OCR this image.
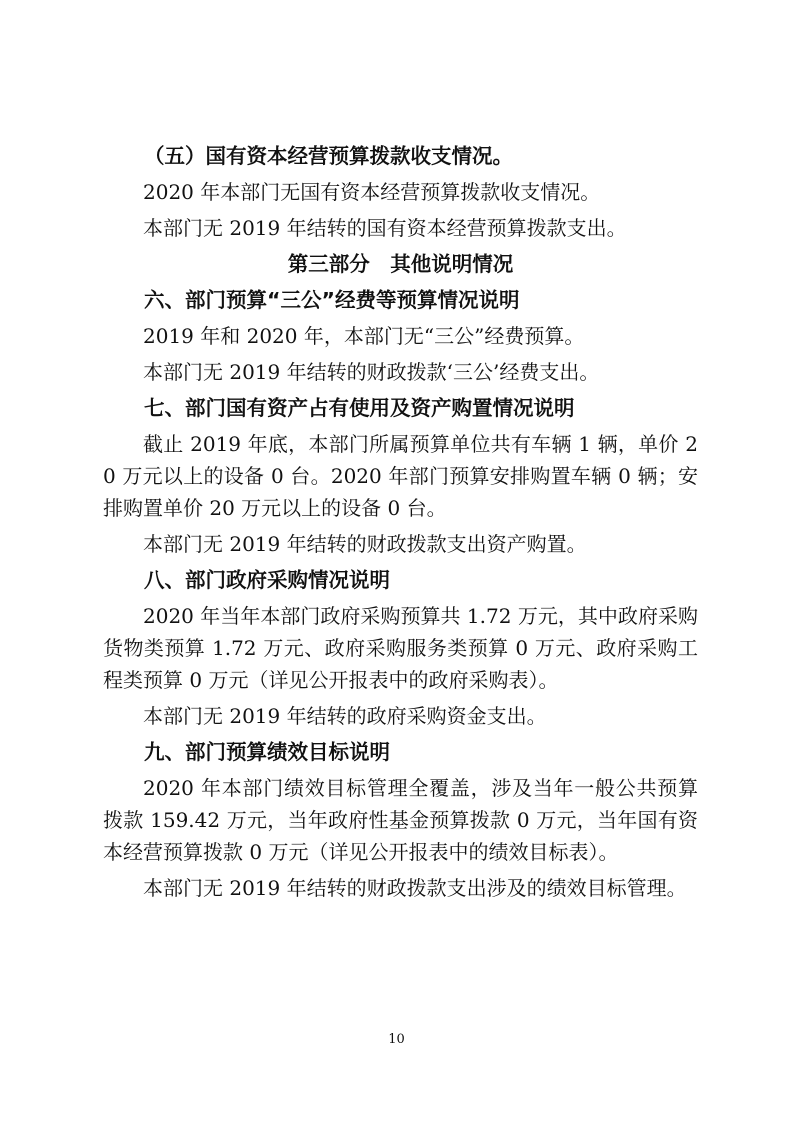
（五）国有资本经营预算拨款收支情况。

2020 年本部门无国有资本经营预算拨款收支情况。

本部门无 2019 年结转的国有资本经营预算拨款支出。

第三部分　其他说明情况

六、部门预算“三公”经费等预算情况说明

2019 年和 2020 年，本部门无“三公”经费预算。

本部门无 2019 年结转的财政拨款‘三公’经费支出。

七、部门国有资产占有使用及资产购置情况说明

截止 2019 年底，本部门所属预算单位共有车辆 1 辆，单价 20 万元以上的设备 0 台。2020 年部门预算安排购置车辆 0 辆；安排购置单价 20 万元以上的设备 0 台。

本部门无 2019 年结转的财政拨款支出资产购置。

八、部门政府采购情况说明

2020 年当年本部门政府采购预算共 1.72 万元，其中政府采购货物类预算 1.72 万元、政府采购服务类预算 0 万元、政府采购工程类预算 0 万元（详见公开报表中的政府采购表）。

本部门无 2019 年结转的政府采购资金支出。

九、部门预算绩效目标说明

2020 年本部门绩效目标管理全覆盖，涉及当年一般公共预算拨款 159.42 万元，当年政府性基金预算拨款 0 万元，当年国有资本经营预算拨款 0 万元（详见公开报表中的绩效目标表）。

本部门无 2019 年结转的财政拨款支出涉及的绩效目标管理。

10
